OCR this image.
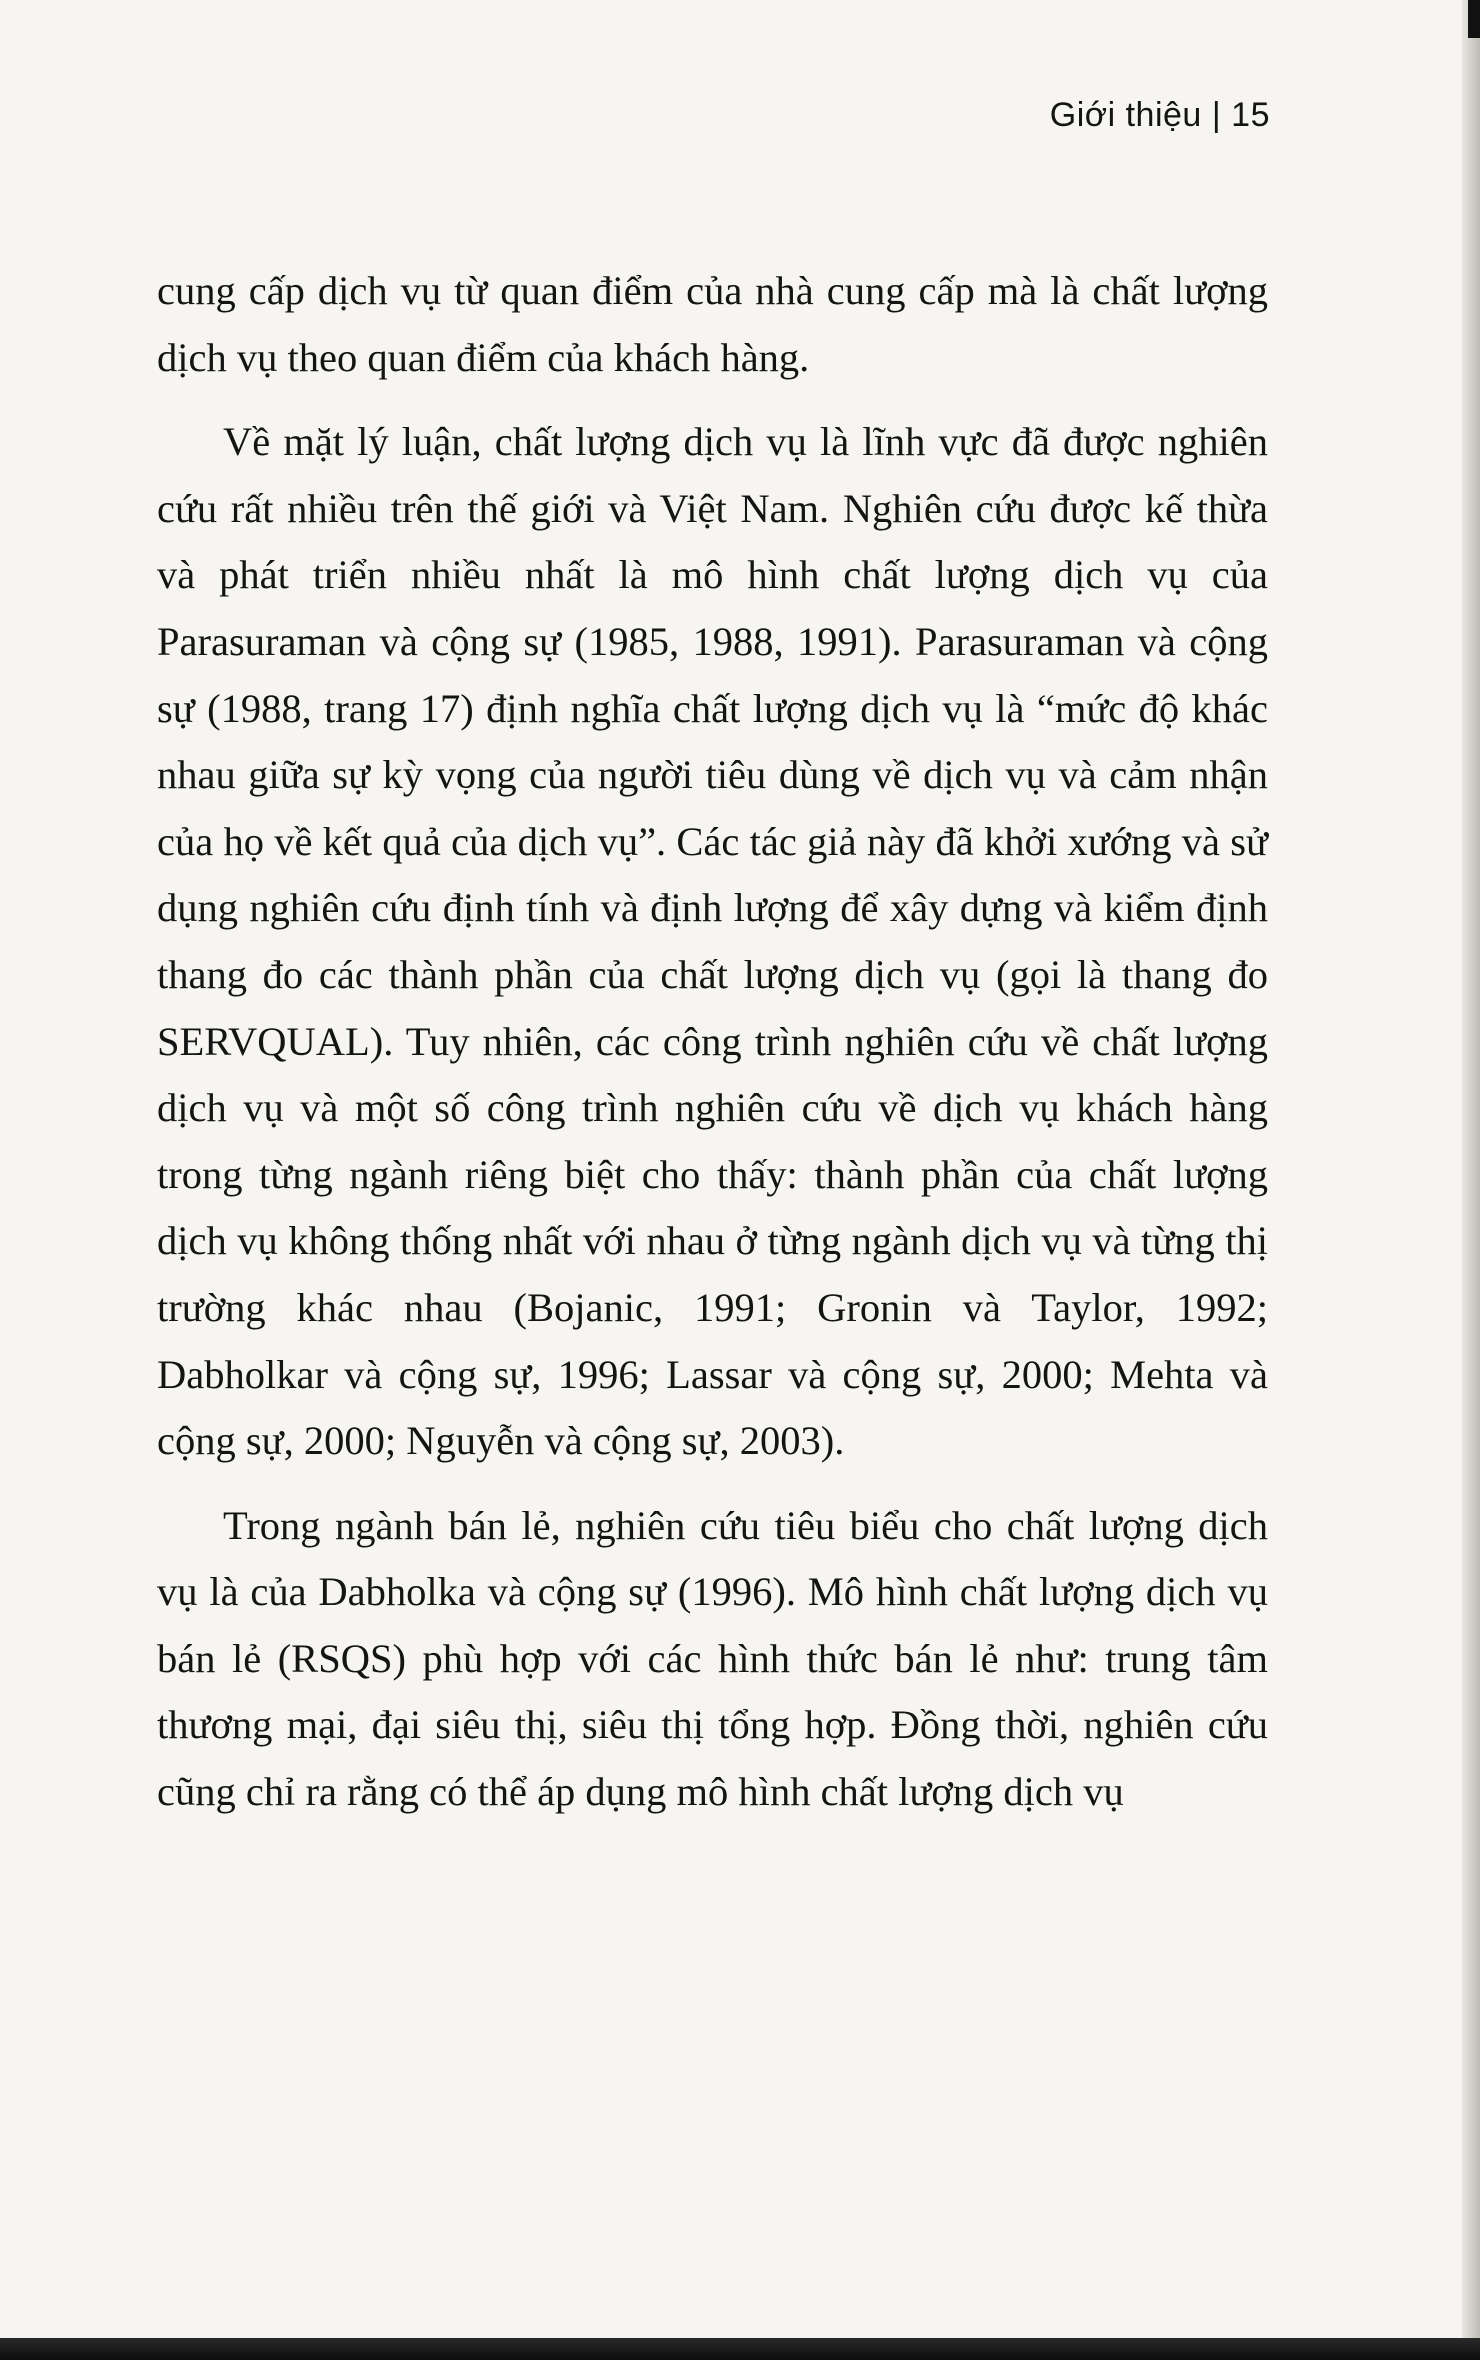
Giới thiệu | 15

cung cấp dịch vụ từ quan điểm của nhà cung cấp mà là chất lượng dịch vụ theo quan điểm của khách hàng.

Về mặt lý luận, chất lượng dịch vụ là lĩnh vực đã được nghiên cứu rất nhiều trên thế giới và Việt Nam. Nghiên cứu được kế thừa và phát triển nhiều nhất là mô hình chất lượng dịch vụ của Parasuraman và cộng sự (1985, 1988, 1991). Parasuraman và cộng sự (1988, trang 17) định nghĩa chất lượng dịch vụ là “mức độ khác nhau giữa sự kỳ vọng của người tiêu dùng về dịch vụ và cảm nhận của họ về kết quả của dịch vụ”. Các tác giả này đã khởi xướng và sử dụng nghiên cứu định tính và định lượng để xây dựng và kiểm định thang đo các thành phần của chất lượng dịch vụ (gọi là thang đo SERVQUAL). Tuy nhiên, các công trình nghiên cứu về chất lượng dịch vụ và một số công trình nghiên cứu về dịch vụ khách hàng trong từng ngành riêng biệt cho thấy: thành phần của chất lượng dịch vụ không thống nhất với nhau ở từng ngành dịch vụ và từng thị trường khác nhau (Bojanic, 1991; Gronin và Taylor, 1992; Dabholkar và cộng sự, 1996; Lassar và cộng sự, 2000; Mehta và cộng sự, 2000; Nguyễn và cộng sự, 2003).

Trong ngành bán lẻ, nghiên cứu tiêu biểu cho chất lượng dịch vụ là của Dabholka và cộng sự (1996). Mô hình chất lượng dịch vụ bán lẻ (RSQS) phù hợp với các hình thức bán lẻ như: trung tâm thương mại, đại siêu thị, siêu thị tổng hợp. Đồng thời, nghiên cứu cũng chỉ ra rằng có thể áp dụng mô hình chất lượng dịch vụ
